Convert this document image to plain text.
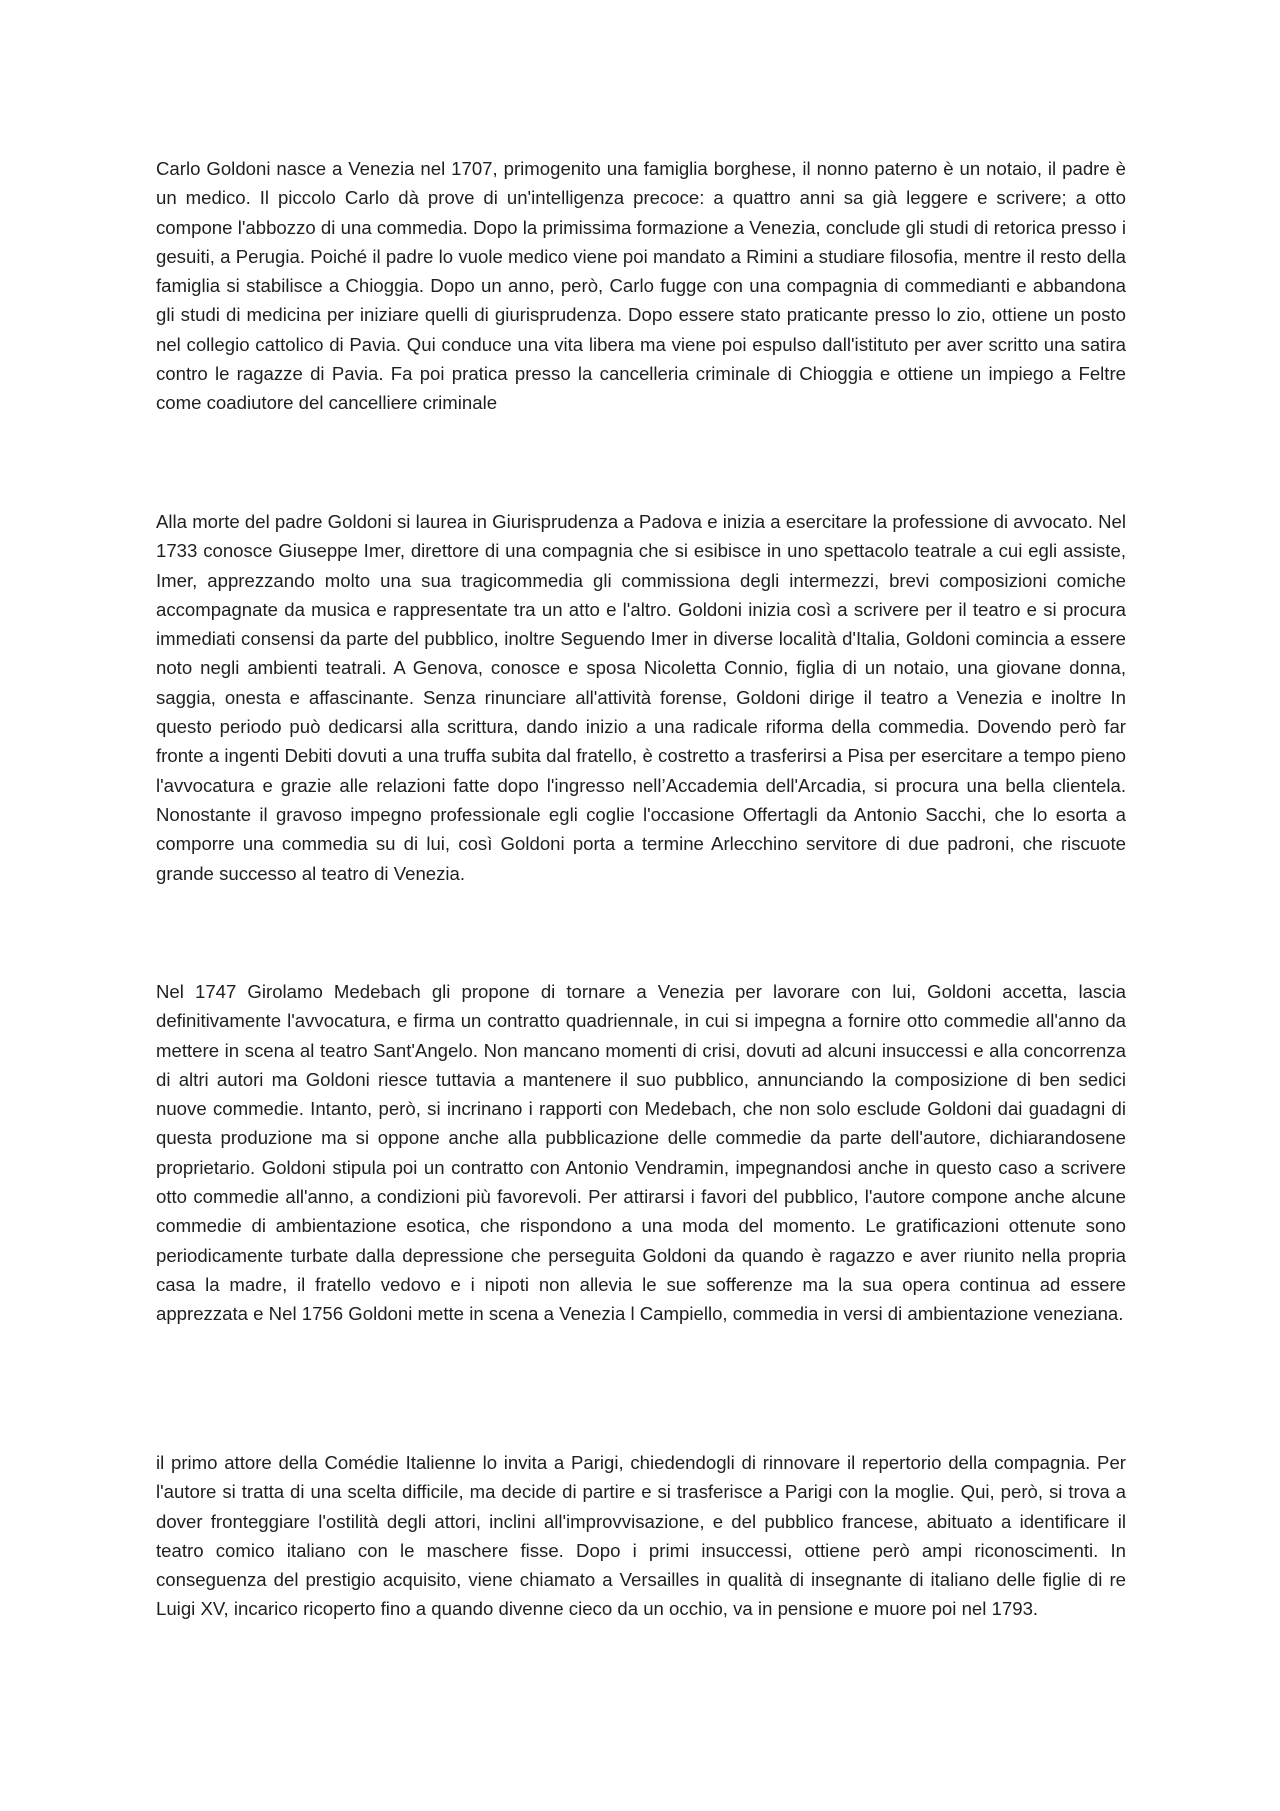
Carlo Goldoni nasce a Venezia nel 1707, primogenito una famiglia borghese, il nonno paterno è un notaio, il padre è un medico. Il piccolo Carlo dà prove di un'intelligenza precoce: a quattro anni sa già leggere e scrivere; a otto compone l'abbozzo di una commedia. Dopo la primissima formazione a Venezia, conclude gli studi di retorica presso i gesuiti, a Perugia. Poiché il padre lo vuole medico viene poi mandato a Rimini a studiare filosofia, mentre il resto della famiglia si stabilisce a Chioggia. Dopo un anno, però, Carlo fugge con una compagnia di commedianti e abbandona gli studi di medicina per iniziare quelli di giurisprudenza. Dopo essere stato praticante presso lo zio, ottiene un posto nel collegio cattolico di Pavia. Qui conduce una vita libera ma viene poi espulso dall'istituto per aver scritto una satira contro le ragazze di Pavia. Fa poi pratica presso la cancelleria criminale di Chioggia e ottiene un impiego a Feltre come coadiutore del cancelliere criminale

Alla morte del padre Goldoni si laurea in Giurisprudenza a Padova e inizia a esercitare la professione di avvocato. Nel 1733 conosce Giuseppe Imer, direttore di una compagnia che si esibisce in uno spettacolo teatrale a cui egli assiste, Imer, apprezzando molto una sua tragicommedia gli commissiona degli intermezzi, brevi composizioni comiche accompagnate da musica e rappresentate tra un atto e l'altro. Goldoni inizia così a scrivere per il teatro e si procura immediati consensi da parte del pubblico, inoltre Seguendo Imer in diverse località d'Italia, Goldoni comincia a essere noto negli ambienti teatrali. A Genova, conosce e sposa Nicoletta Connio, figlia di un notaio, una giovane donna, saggia, onesta e affascinante. Senza rinunciare all'attività forense, Goldoni dirige il teatro a Venezia e inoltre In questo periodo può dedicarsi alla scrittura, dando inizio a una radicale riforma della commedia. Dovendo però far fronte a ingenti Debiti dovuti a una truffa subita dal fratello, è costretto a trasferirsi a Pisa per esercitare a tempo pieno l'avvocatura e grazie alle relazioni fatte dopo l'ingresso nell’Accademia dell'Arcadia, si procura una bella clientela. Nonostante il gravoso impegno professionale egli coglie l'occasione Offertagli da Antonio Sacchi, che lo esorta a comporre una commedia su di lui, così Goldoni porta a termine Arlecchino servitore di due padroni, che riscuote grande successo al teatro di Venezia.

Nel 1747 Girolamo Medebach gli propone di tornare a Venezia per lavorare con lui, Goldoni accetta, lascia definitivamente l'avvocatura, e firma un contratto quadriennale, in cui si impegna a fornire otto commedie all'anno da mettere in scena al teatro Sant'Angelo. Non mancano momenti di crisi, dovuti ad alcuni insuccessi e alla concorrenza di altri autori ma Goldoni riesce tuttavia a mantenere il suo pubblico, annunciando la composizione di ben sedici nuove commedie. Intanto, però, si incrinano i rapporti con Medebach, che non solo esclude Goldoni dai guadagni di questa produzione ma si oppone anche alla pubblicazione delle commedie da parte dell'autore, dichiarandosene proprietario. Goldoni stipula poi un contratto con Antonio Vendramin, impegnandosi anche in questo caso a scrivere otto commedie all'anno, a condizioni più favorevoli. Per attirarsi i favori del pubblico, l'autore compone anche alcune commedie di ambientazione esotica, che rispondono a una moda del momento. Le gratificazioni ottenute sono periodicamente turbate dalla depressione che perseguita Goldoni da quando è ragazzo e aver riunito nella propria casa la madre, il fratello vedovo e i nipoti non allevia le sue sofferenze ma la sua opera continua ad essere apprezzata e Nel 1756 Goldoni mette in scena a Venezia l Campiello, commedia in versi di ambientazione veneziana.

il primo attore della Comédie Italienne lo invita a Parigi, chiedendogli di rinnovare il repertorio della compagnia. Per l'autore si tratta di una scelta difficile, ma decide di partire e si trasferisce a Parigi con la moglie. Qui, però, si trova a dover fronteggiare l'ostilità degli attori, inclini all'improvvisazione, e del pubblico francese, abituato a identificare il teatro comico italiano con le maschere fisse. Dopo i primi insuccessi, ottiene però ampi riconoscimenti. In conseguenza del prestigio acquisito, viene chiamato a Versailles in qualità di insegnante di italiano delle figlie di re Luigi XV, incarico ricoperto fino a quando divenne cieco da un occhio, va in pensione e muore poi nel 1793.
